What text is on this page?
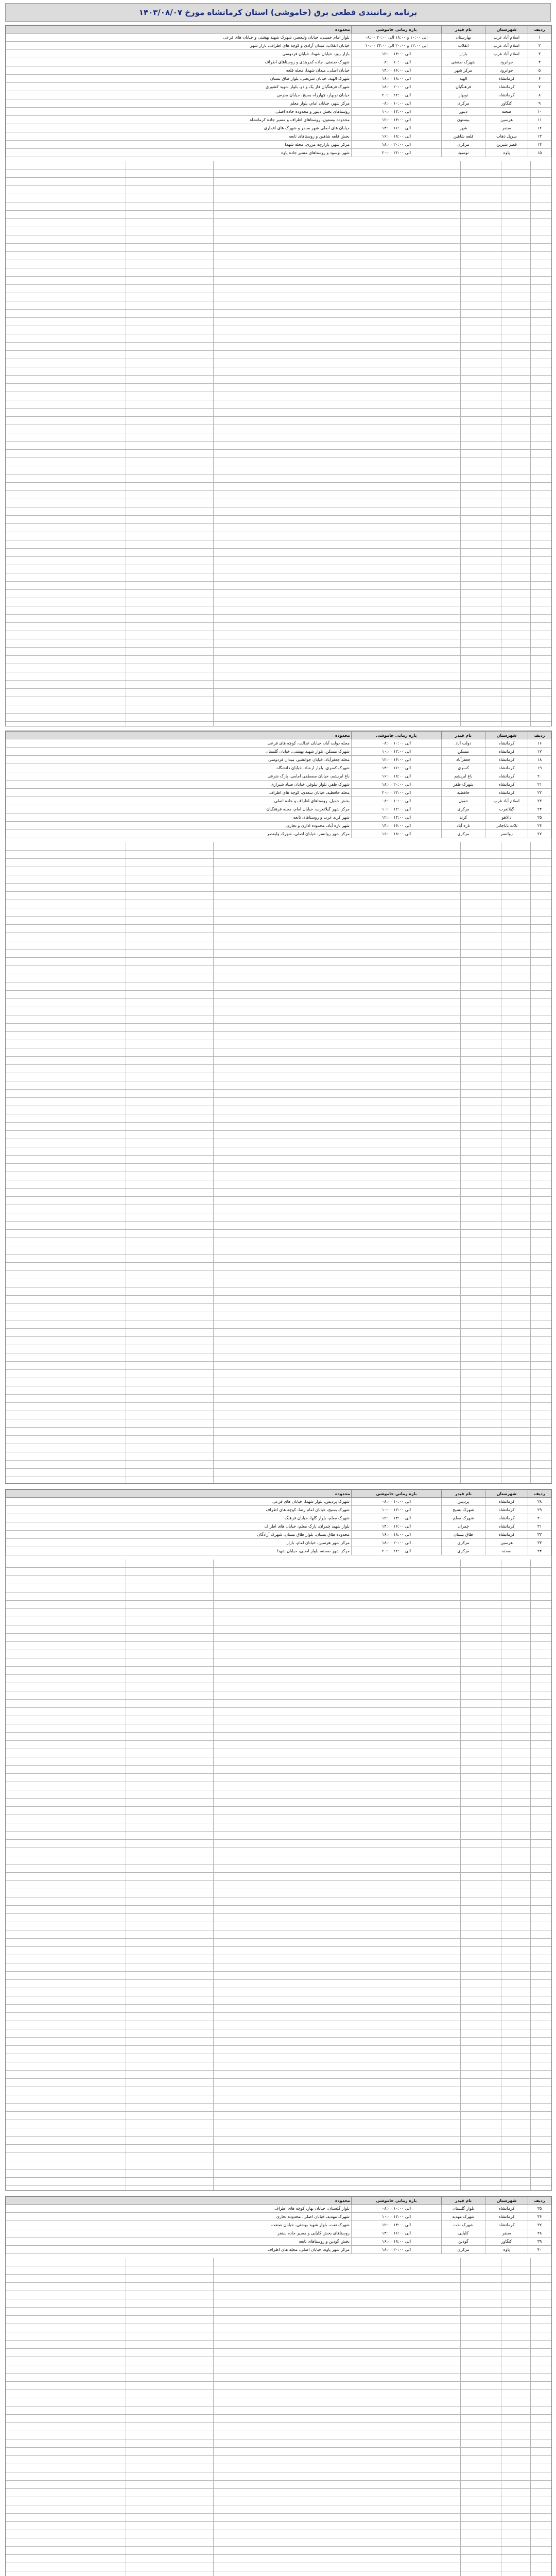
برنامه زمانبندی قطعی برق (خاموشی) استان کرمانشاه مورخ ۱۴۰۳/۰۸/۰۷
ردیف	شهرستان	نام فیدر	بازه زمانی خاموشی	محدوده
۱	اسلام آباد غرب	بهارستان	۰۸:۰۰ الی ۱۰:۰۰ و ۱۸:۰۰ الی ۲۰:۰۰	بلوار امام خمینی، خیابان ولیعصر، شهرک شهید بهشتی و خیابان های فرعی
۲	اسلام آباد غرب	انقلاب	۱۰:۰۰ الی ۱۲:۰۰ و ۲۰:۰۰ الی ۲۲:۰۰	خیابان انقلاب، میدان آزادی و کوچه های اطراف، بازار شهر
۳	اسلام آباد غرب	بازار	۱۲:۰۰ الی ۱۴:۰۰	بازار روز، خیابان شهدا، خیابان فردوسی
۴	جوانرود	شهرک صنعتی	۰۸:۰۰ الی ۱۰:۰۰	شهرک صنعتی، جاده کمربندی و روستاهای اطراف
۵	جوانرود	مرکز شهر	۱۴:۰۰ الی ۱۶:۰۰	خیابان اصلی، میدان شهدا، محله قلعه
۶	کرمانشاه	الهیه	۱۶:۰۰ الی ۱۸:۰۰	شهرک الهیه، خیابان شریعتی، بلوار طاق بستان
۷	کرمانشاه	فرهنگیان	۱۸:۰۰ الی ۲۰:۰۰	شهرک فرهنگیان فاز یک و دو، بلوار شهید کشوری
۸	کرمانشاه	نوبهار	۲۰:۰۰ الی ۲۲:۰۰	خیابان نوبهار، چهارراه بسیج، خیابان مدرس
۹	کنگاور	مرکزی	۰۸:۰۰ الی ۱۰:۰۰	مرکز شهر، خیابان امام، بلوار معلم
۱۰	صحنه	دینور	۱۰:۰۰ الی ۱۲:۰۰	روستاهای بخش دینور و محدوده جاده اصلی
۱۱	هرسین	بیستون	۱۲:۰۰ الی ۱۴:۰۰	محدوده بیستون، روستاهای اطراف و مسیر جاده کرمانشاه
۱۲	سنقر	شهر	۱۴:۰۰ الی ۱۶:۰۰	خیابان های اصلی شهر سنقر و شهرک های اقماری
۱۳	سرپل ذهاب	قلعه شاهین	۱۶:۰۰ الی ۱۸:۰۰	بخش قلعه شاهین و روستاهای تابعه
۱۴	قصر شیرین	مرکزی	۱۸:۰۰ الی ۲۰:۰۰	مرکز شهر، بازارچه مرزی، محله شهدا
۱۵	پاوه	نوسود	۲۰:۰۰ الی ۲۲:۰۰	شهر نوسود و روستاهای مسیر جاده پاوه
ردیف	شهرستان	نام فیدر	بازه زمانی خاموشی	محدوده
۱۶	کرمانشاه	دولت آباد	۰۸:۰۰ الی ۱۰:۰۰	محله دولت آباد، خیابان عدالت، کوچه های فرعی
۱۷	کرمانشاه	مسکن	۱۰:۰۰ الی ۱۲:۰۰	شهرک مسکن، بلوار شهید بهشتی، خیابان گلستان
۱۸	کرمانشاه	جعفرآباد	۱۲:۰۰ الی ۱۴:۰۰	محله جعفرآباد، خیابان جوانشیر، میدان فردوسی
۱۹	کرمانشاه	کسری	۱۴:۰۰ الی ۱۶:۰۰	شهرک کسری، بلوار ارشاد، خیابان دانشگاه
۲۰	کرمانشاه	باغ ابریشم	۱۶:۰۰ الی ۱۸:۰۰	باغ ابریشم، خیابان مصطفی امامی، پارک شرقی
۲۱	کرمانشاه	شهرک ظفر	۱۸:۰۰ الی ۲۰:۰۰	شهرک ظفر، بلوار نیلوفر، خیابان صیاد شیرازی
۲۲	کرمانشاه	حافظیه	۲۰:۰۰ الی ۲۲:۰۰	محله حافظیه، خیابان سعدی، کوچه های اطراف
۲۳	اسلام آباد غرب	حمیل	۰۸:۰۰ الی ۱۰:۰۰	بخش حمیل، روستاهای اطراف و جاده اصلی
۲۴	گیلانغرب	مرکزی	۱۰:۰۰ الی ۱۲:۰۰	مرکز شهر گیلانغرب، خیابان امام، محله فرهنگیان
۲۵	دالاهو	کرند	۱۲:۰۰ الی ۱۴:۰۰	شهر کرند غرب و روستاهای تابعه
۲۶	ثلاث باباجانی	تازه آباد	۱۴:۰۰ الی ۱۶:۰۰	شهر تازه آباد، محدوده اداری و تجاری
۲۷	روانسر	مرکزی	۱۶:۰۰ الی ۱۸:۰۰	مرکز شهر روانسر، خیابان اصلی، شهرک ولیعصر
ردیف	شهرستان	نام فیدر	بازه زمانی خاموشی	محدوده
۲۸	کرمانشاه	پردیس	۰۸:۰۰ الی ۱۰:۰۰	شهرک پردیس، بلوار شهدا، خیابان های فرعی
۲۹	کرمانشاه	شهرک بسیج	۱۰:۰۰ الی ۱۲:۰۰	شهرک بسیج، خیابان امام رضا، کوچه های اطراف
۳۰	کرمانشاه	شهرک معلم	۱۲:۰۰ الی ۱۴:۰۰	شهرک معلم، بلوار گلها، خیابان فرهنگ
۳۱	کرمانشاه	چمران	۱۴:۰۰ الی ۱۶:۰۰	بلوار شهید چمران، پارک معلم، خیابان های اطراف
۳۲	کرمانشاه	طاق بستان	۱۶:۰۰ الی ۱۸:۰۰	محدوده طاق بستان، بلوار طاق بستان، شهرک آزادگان
۳۳	هرسین	مرکزی	۱۸:۰۰ الی ۲۰:۰۰	مرکز شهر هرسین، خیابان امام، بازار
۳۴	صحنه	مرکزی	۲۰:۰۰ الی ۲۲:۰۰	مرکز شهر صحنه، بلوار اصلی، خیابان شهدا
ردیف	شهرستان	نام فیدر	بازه زمانی خاموشی	محدوده
۳۵	کرمانشاه	بلوار گلستان	۰۸:۰۰ الی ۱۰:۰۰	بلوار گلستان، خیابان بهار، کوچه های اطراف
۳۶	کرمانشاه	شهرک مهدیه	۱۰:۰۰ الی ۱۲:۰۰	شهرک مهدیه، خیابان اصلی، محدوده تجاری
۳۷	کرمانشاه	شهرک نفت	۱۲:۰۰ الی ۱۴:۰۰	شهرک نفت، بلوار شهید بهشتی، خیابان صنعت
۳۸	سنقر	کلیایی	۱۴:۰۰ الی ۱۶:۰۰	روستاهای بخش کلیایی و مسیر جاده سنقر
۳۹	کنگاور	گودین	۱۶:۰۰ الی ۱۸:۰۰	بخش گودین و روستاهای تابعه
۴۰	پاوه	مرکزی	۱۸:۰۰ الی ۲۰:۰۰	مرکز شهر پاوه، خیابان اصلی، محله های اطراف
